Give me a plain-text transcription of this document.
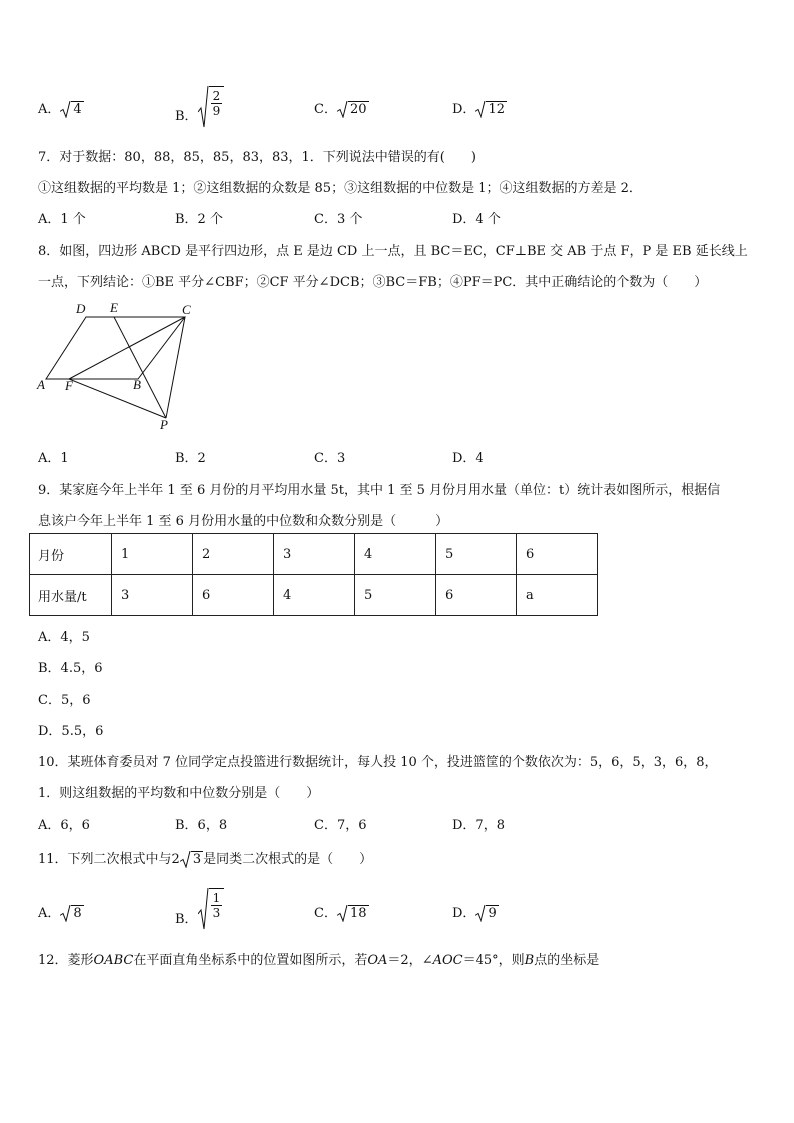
A． 4	B． $\frac{2}{9}$	C． 20	D． 12
7．对于数据：80，88，85，85，83，83，1．下列说法中错误的有(　　)
①这组数据的平均数是 1；②这组数据的众数是 85；③这组数据的中位数是 1；④这组数据的方差是 2．
A．1 个	B．2 个	C．3 个	D．4 个
8．如图，四边形 ABCD 是平行四边形，点 E 是边 CD 上一点，且 BC＝EC，CF⊥BE 交 AB 于点 F，P 是 EB 延长线上
一点，下列结论：①BE 平分∠CBF；②CF 平分∠DCB；③BC＝FB；④PF＝PC．其中正确结论的个数为（　　）
D E	C
A F	B
P
A．1	B．2	C．3	D．4
9．某家庭今年上半年 1 至 6 月份的月平均用水量 5t，其中 1 至 5 月份月用水量（单位：t）统计表如图所示，根据信
息该户今年上半年 1 至 6 月份用水量的中位数和众数分别是（　　　）
月份	1	2	3	4	5	6
用水量/t	3	6	4	5	6	a
A．4，5
B．4.5，6
C．5，6
D．5.5，6
10．某班体育委员对 7 位同学定点投篮进行数据统计，每人投 10 个，投进篮筐的个数依次为：5，6，5，3，6，8，
1．则这组数据的平均数和中位数分别是（　　）
A．6，6	B．6，8	C．7，6	D．7，8
11．下列二次根式中与2 3 是同类二次根式的是（　　）
A． 8	B． $\frac{1}{3}$	C． 18	D． 9
12．菱形OABC在平面直角坐标系中的位置如图所示，若OA＝2，∠AOC＝45°，则B点的坐标是
